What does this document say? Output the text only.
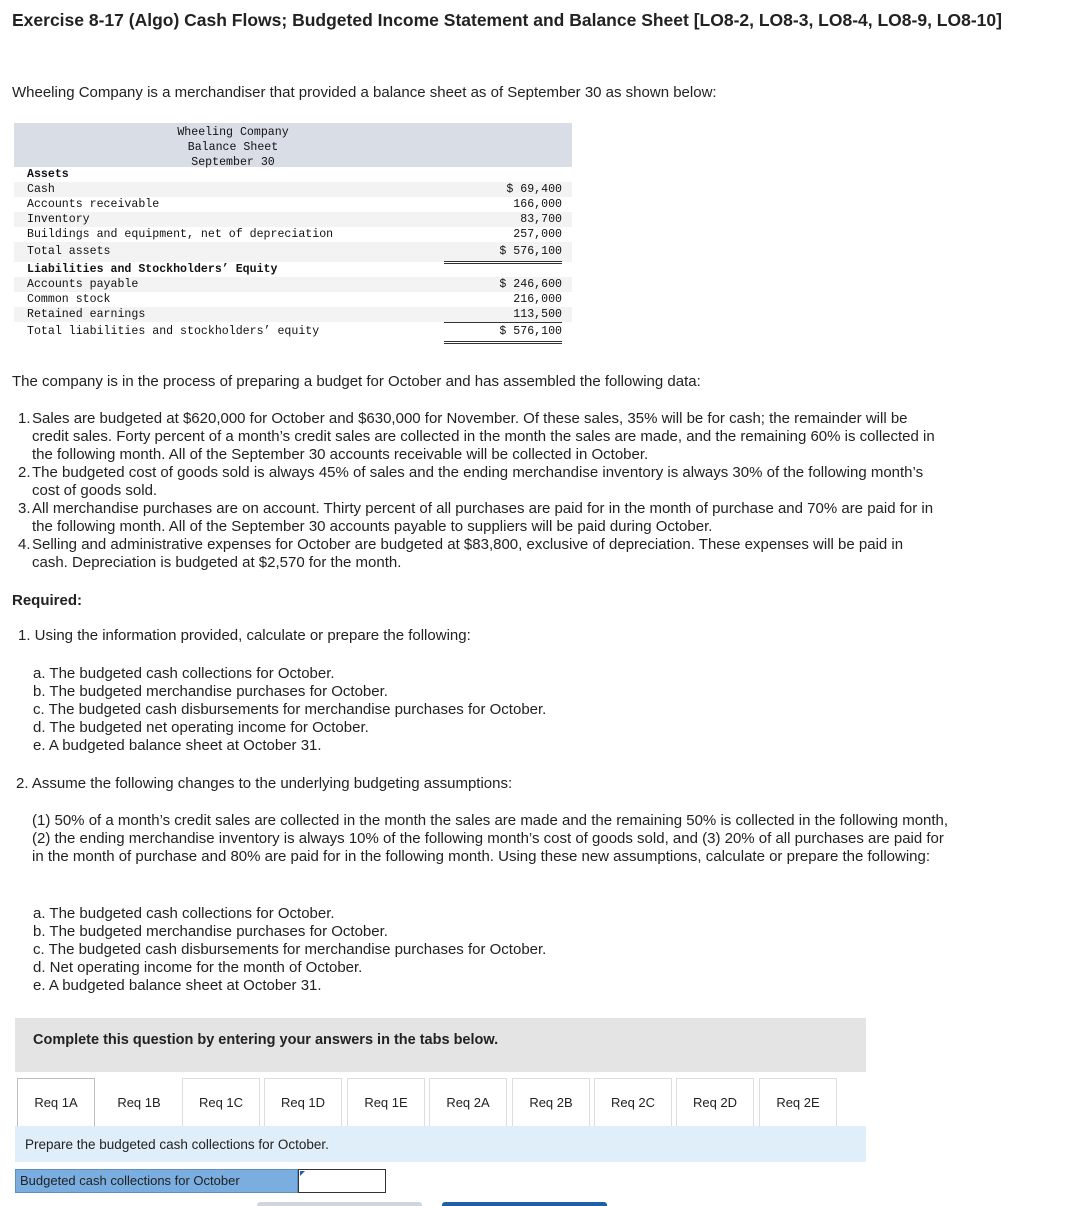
Exercise 8-17 (Algo) Cash Flows; Budgeted Income Statement and Balance Sheet [LO8-2, LO8-3, LO8-4, LO8-9, LO8-10]
Wheeling Company is a merchandiser that provided a balance sheet as of September 30 as shown below:
Wheeling Company
Balance Sheet
September 30
Assets
Cash	$ 69,400
Accounts receivable	166,000
Inventory	83,700
Buildings and equipment, net of depreciation	257,000
Total assets	$ 576,100
Liabilities and Stockholders’ Equity
Accounts payable	$ 246,600
Common stock	216,000
Retained earnings	113,500
Total liabilities and stockholders’ equity	$ 576,100
The company is in the process of preparing a budget for October and has assembled the following data:
1. Sales are budgeted at $620,000 for October and $630,000 for November. Of these sales, 35% will be for cash; the remainder will be credit sales. Forty percent of a month’s credit sales are collected in the month the sales are made, and the remaining 60% is collected in the following month. All of the September 30 accounts receivable will be collected in October.
2. The budgeted cost of goods sold is always 45% of sales and the ending merchandise inventory is always 30% of the following month’s cost of goods sold.
3. All merchandise purchases are on account. Thirty percent of all purchases are paid for in the month of purchase and 70% are paid for in the following month. All of the September 30 accounts payable to suppliers will be paid during October.
4. Selling and administrative expenses for October are budgeted at $83,800, exclusive of depreciation. These expenses will be paid in cash. Depreciation is budgeted at $2,570 for the month.
Required:
1. Using the information provided, calculate or prepare the following:
a. The budgeted cash collections for October.
b. The budgeted merchandise purchases for October.
c. The budgeted cash disbursements for merchandise purchases for October.
d. The budgeted net operating income for October.
e. A budgeted balance sheet at October 31.
2. Assume the following changes to the underlying budgeting assumptions:
(1) 50% of a month’s credit sales are collected in the month the sales are made and the remaining 50% is collected in the following month, (2) the ending merchandise inventory is always 10% of the following month’s cost of goods sold, and (3) 20% of all purchases are paid for in the month of purchase and 80% are paid for in the following month. Using these new assumptions, calculate or prepare the following:
a. The budgeted cash collections for October.
b. The budgeted merchandise purchases for October.
c. The budgeted cash disbursements for merchandise purchases for October.
d. Net operating income for the month of October.
e. A budgeted balance sheet at October 31.
Complete this question by entering your answers in the tabs below.
Req 1A	Req 1B	Req 1C	Req 1D	Req 1E	Req 2A	Req 2B	Req 2C	Req 2D	Req 2E
Prepare the budgeted cash collections for October.
Budgeted cash collections for October
